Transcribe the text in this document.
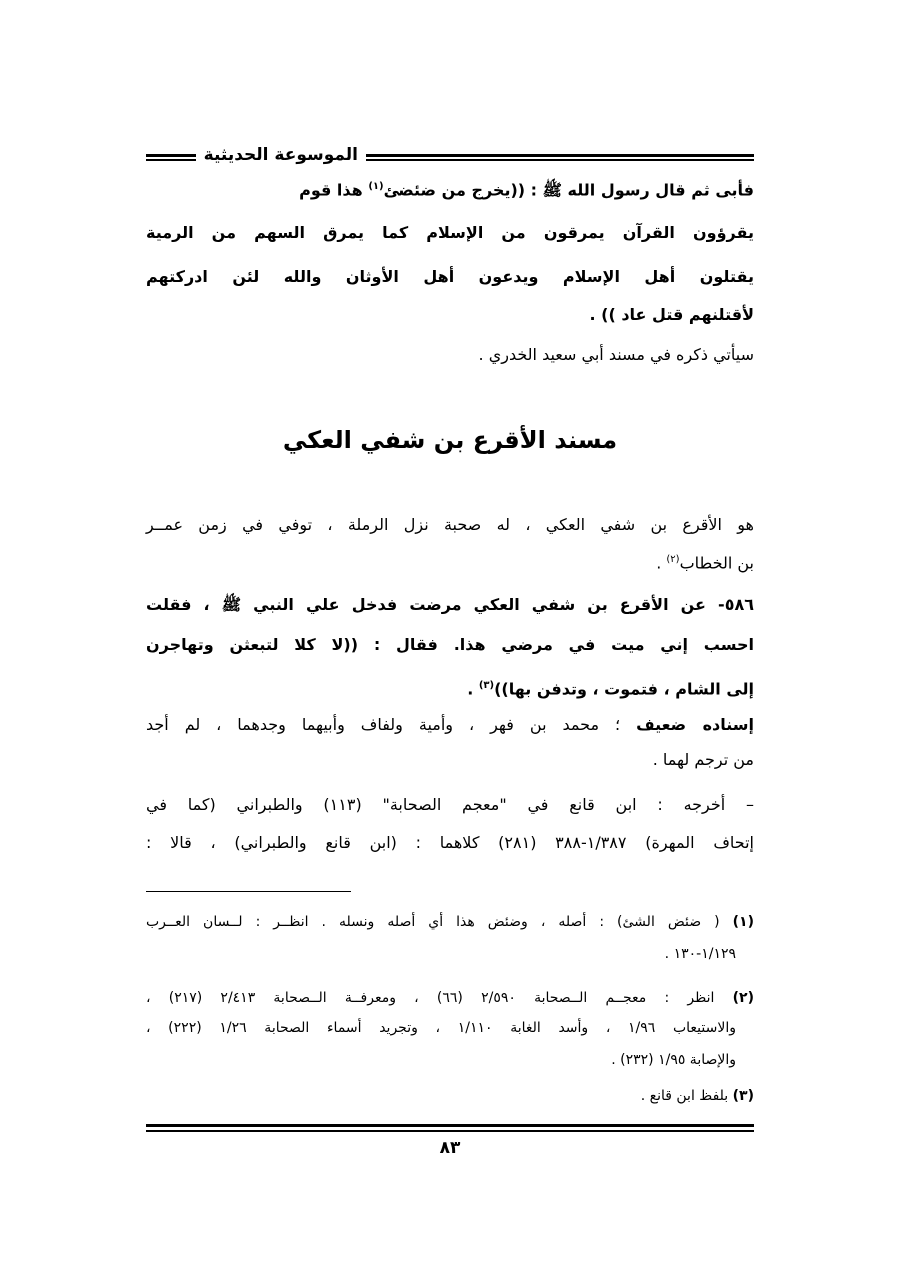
الموسوعة الحديثية
فأبى ثم قال رسول الله ﷺ : ((يخرج من ضئضئ$^{(١)}$ هذا قوم
يقرؤون القرآن يمرقون من الإسلام كما يمرق السهم من الرمية
يقتلون أهل الإسلام ويدعون أهل الأوثان والله لئن ادركتهم
لأقتلنهم قتل عاد )) .
سيأتي ذكره في مسند أبي سعيد الخدري .
مسند الأقرع بن شفي العكي
هو الأقرع بن شفي العكي ، له صحبة نزل الرملة ، توفي في زمن عمــر
بن الخطاب$^{(٢)}$ .
٥٨٦- عن الأقرع بن شفي العكي مرضت فدخل علي النبي ﷺ ، فقلت
احسب إني ميت في مرضي هذا. فقال : ((لا كلا لتبعثن وتهاجرن
إلى الشام ، فتموت ، وتدفن بها))$^{(٣)}$ .
إسناده ضعيف ؛ محمد بن فهر ، وأمية ولفاف وأبيهما وجدهما ، لم أجد
من ترجم لهما .
– أخرجه : ابن قانع في "معجم الصحابة" (١١٣) والطبراني (كما في
إتحاف المهرة) ١/٣٨٧-٣٨٨ (٢٨١) كلاهما : (ابن قانع والطبراني) ، قالا :
(١) ( ضئض الشئ) : أصله ، وضئض هذا أي أصله ونسله . انظــر : لــسان العــرب
١/١٢٩-١٣٠ .
(٢) انظر : معجــم الــصحابة ٢/٥٩٠ (٦٦) ، ومعرفــة الــصحابة ٢/٤١٣ (٢١٧) ،
والاستيعاب ١/٩٦ ، وأسد الغابة ١/١١٠ ، وتجريد أسماء الصحابة ١/٢٦ (٢٢٢) ،
والإصابة ١/٩٥ (٢٣٢) .
(٣) بلفظ ابن قانع .
٨٣
